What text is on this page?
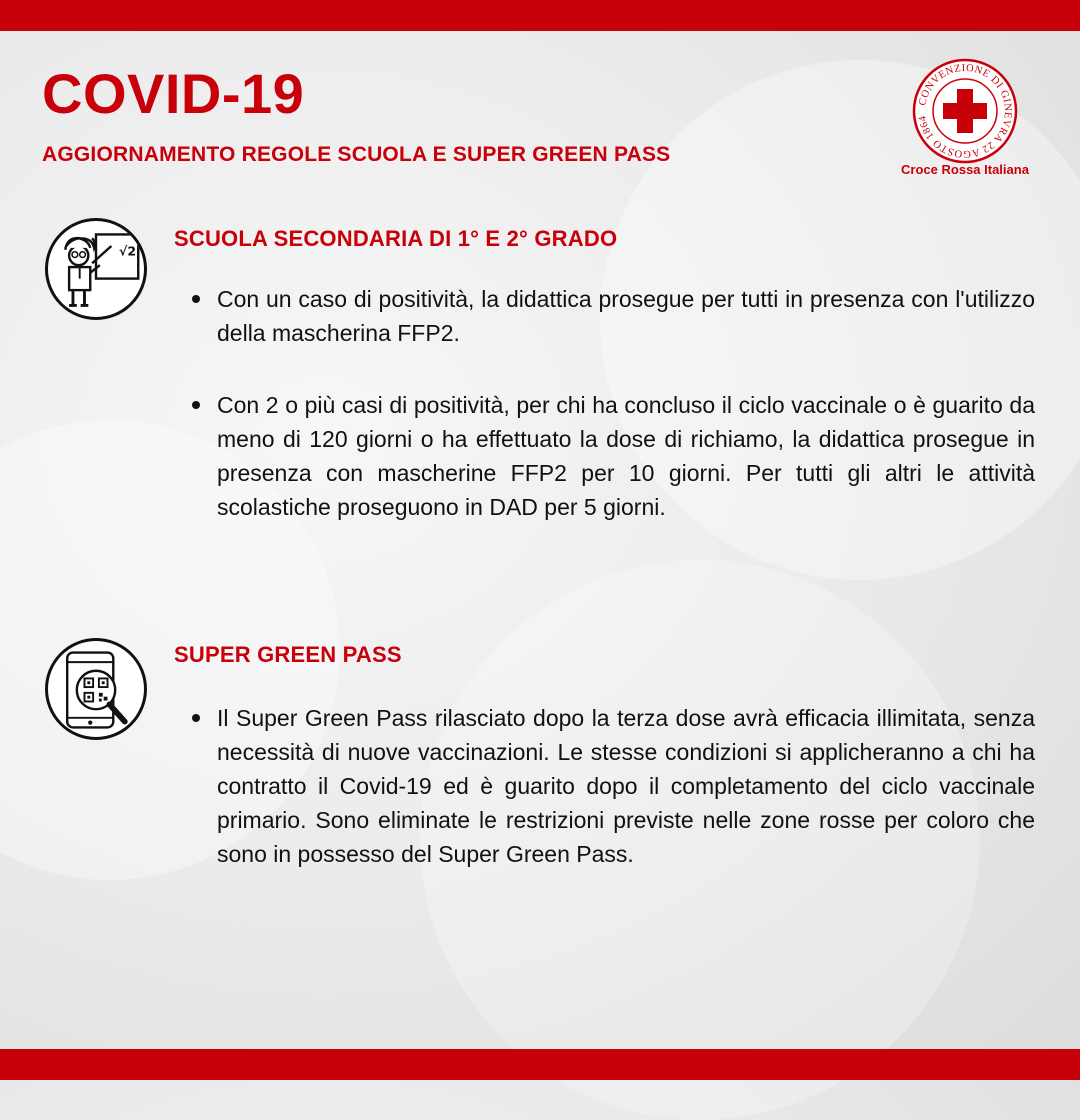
COVID-19
AGGIORNAMENTO REGOLE SCUOLA E SUPER GREEN PASS
CONVENZIONE DI GINEVRA 22 AGOSTO 1864
Croce Rossa Italiana
√2
SCUOLA SECONDARIA DI 1° E 2° GRADO
Con un caso di positività, la didattica prosegue per tutti in presenza con l'utilizzo della mascherina FFP2.
Con 2 o più casi di positività, per chi ha concluso il ciclo vaccinale o è guarito da meno di 120 giorni o ha effettuato la dose di richiamo, la didattica prosegue in presenza con mascherine FFP2 per 10 giorni. Per tutti gli altri le attività scolastiche proseguono in DAD per 5 giorni.
SUPER GREEN PASS
Il Super Green Pass rilasciato dopo la terza dose avrà efficacia illimitata, senza necessità di nuove vaccinazioni. Le stesse condizioni si applicheranno a chi ha contratto il Covid-19 ed è guarito dopo il completamento del ciclo vaccinale primario. Sono eliminate le restrizioni previste nelle zone rosse per coloro che sono in possesso del Super Green Pass.
